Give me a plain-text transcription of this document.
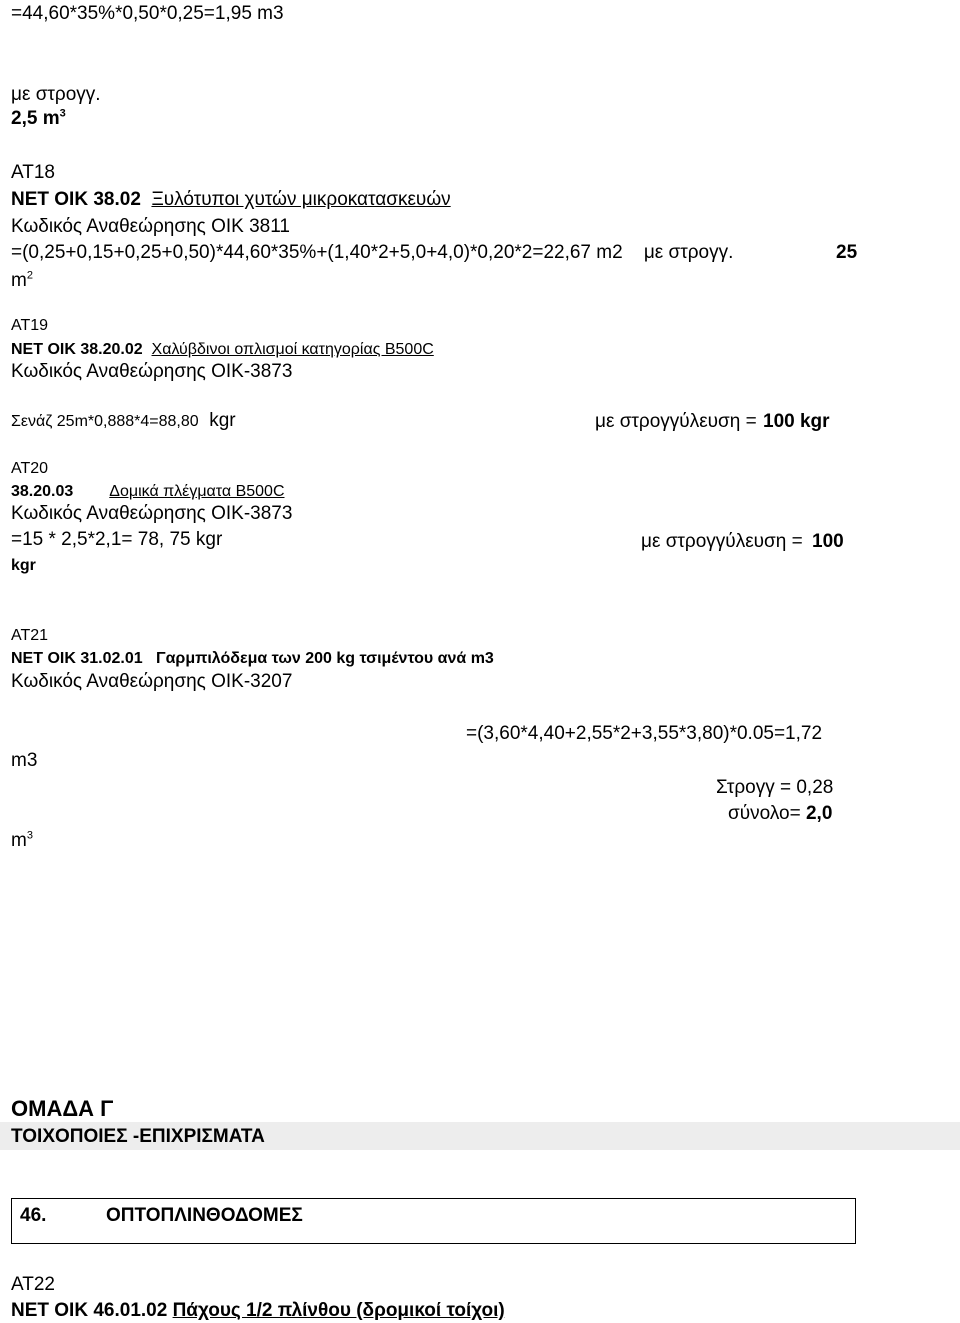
=44,60*35%*0,50*0,25=1,95 m3
με στρογγ.
2,5 $m^3$
ΑΤ18
ΝΕΤ ΟΙΚ 38.02 Ξυλότυποι χυτών μικροκατασκευών
Κωδικός Αναθεώρησης ΟΙΚ 3811
=(0,25+0,15+0,25+0,50)*44,60*35%+(1,40*2+5,0+4,0)*0,20*2=22,67 m2 με στρογγ.	25
$m^2$
ΑΤ19
ΝΕΤ ΟΙΚ 38.20.02 Χαλύβδινοι οπλισμοί κατηγορίας Β500C
Κωδικός Αναθεώρησης ΟΙΚ-3873
Σενάζ 25m*0,888*4=88,80 kgr	με στρογγύλευση = 100 kgr
ΑΤ20
38.20.03 Δομικά πλέγματα Β500C
Κωδικός Αναθεώρησης ΟΙΚ-3873
=15 * 2,5*2,1= 78, 75 kgr	με στρογγύλευση = 100
kgr
ΑΤ21
ΝΕΤ ΟΙΚ 31.02.01 Γαρμπιλόδεμα των 200 kg τσιμέντου ανά m3
Κωδικός Αναθεώρησης ΟΙΚ-3207
=(3,60*4,40+2,55*2+3,55*3,80)*0.05=1,72
m3
Στρογγ = 0,28
σύνολο= 2,0
$m^3$
ΟΜΑΔΑ Γ
ΤΟΙΧΟΠΟΙΕΣ -ΕΠΙΧΡΙΣΜΑΤΑ
46.	ΟΠΤΟΠΛΙΝΘΟΔΟΜΕΣ
ΑΤ22
ΝΕΤ ΟΙΚ 46.01.02 Πάχους 1/2 πλίνθου (δρομικοί τοίχοι)
